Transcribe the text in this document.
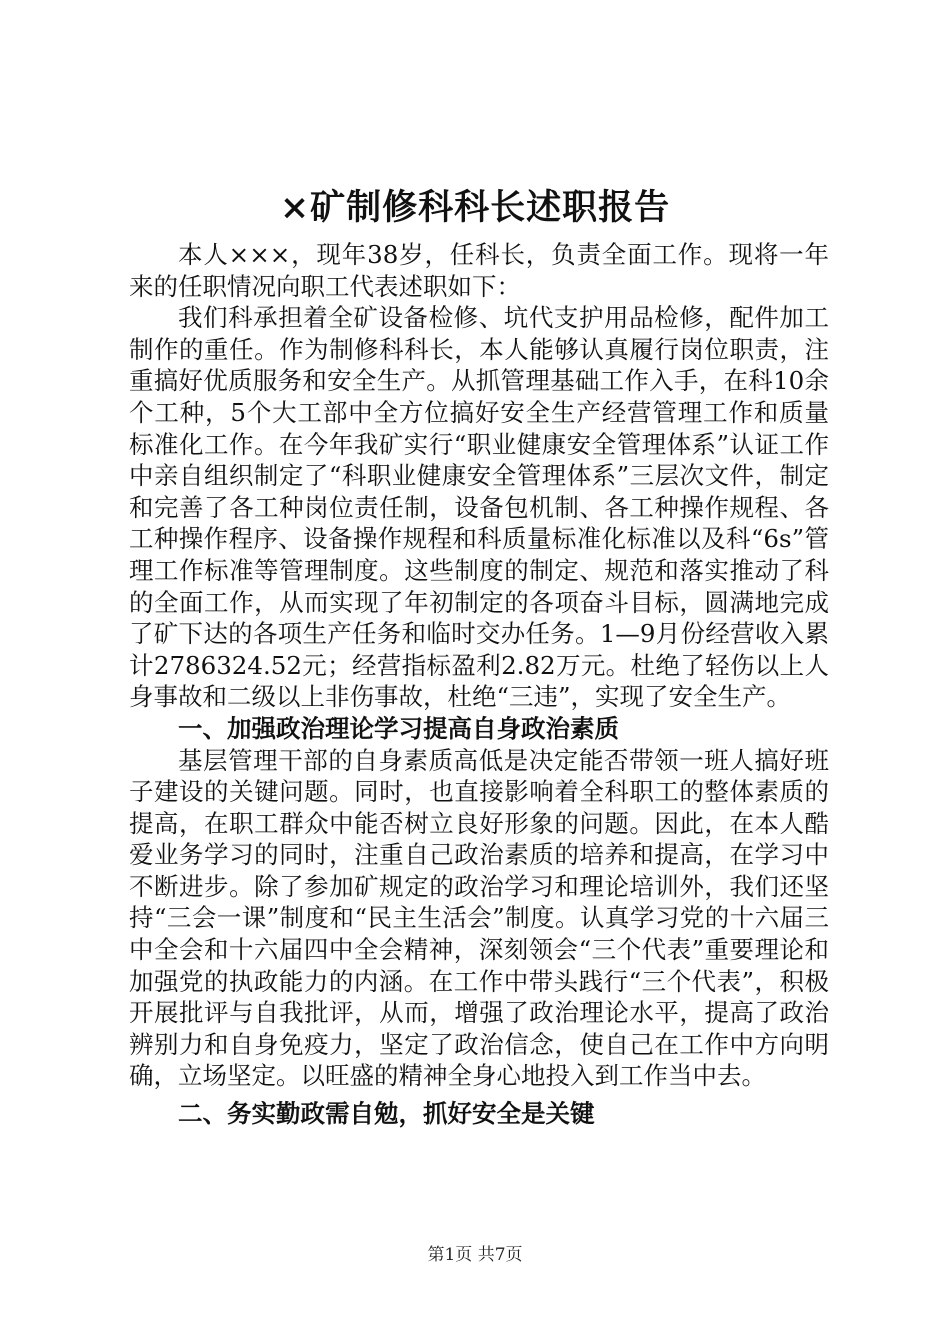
×矿制修科科长述职报告

本人×××，现年38岁，任科长，负责全面工作。现将一年来的任职情况向职工代表述职如下：

我们科承担着全矿设备检修、坑代支护用品检修，配件加工制作的重任。作为制修科科长，本人能够认真履行岗位职责，注重搞好优质服务和安全生产。从抓管理基础工作入手，在科10余个工种，5个大工部中全方位搞好安全生产经营管理工作和质量标准化工作。在今年我矿实行“职业健康安全管理体系”认证工作中亲自组织制定了“科职业健康安全管理体系”三层次文件，制定和完善了各工种岗位责任制，设备包机制、各工种操作规程、各工种操作程序、设备操作规程和科质量标准化标准以及科“6s”管理工作标准等管理制度。这些制度的制定、规范和落实推动了科的全面工作，从而实现了年初制定的各项奋斗目标，圆满地完成了矿下达的各项生产任务和临时交办任务。1—9月份经营收入累计2786324.52元；经营指标盈利2.82万元。杜绝了轻伤以上人身事故和二级以上非伤事故，杜绝“三违”，实现了安全生产。

一、加强政治理论学习提高自身政治素质

基层管理干部的自身素质高低是决定能否带领一班人搞好班子建设的关键问题。同时，也直接影响着全科职工的整体素质的提高，在职工群众中能否树立良好形象的问题。因此，在本人酷爱业务学习的同时，注重自己政治素质的培养和提高，在学习中不断进步。除了参加矿规定的政治学习和理论培训外，我们还坚持“三会一课”制度和“民主生活会”制度。认真学习党的十六届三中全会和十六届四中全会精神，深刻领会“三个代表”重要理论和加强党的执政能力的内涵。在工作中带头践行“三个代表”，积极开展批评与自我批评，从而，增强了政治理论水平，提高了政治辨别力和自身免疫力，坚定了政治信念，使自己在工作中方向明确，立场坚定。以旺盛的精神全身心地投入到工作当中去。

二、务实勤政需自勉，抓好安全是关键

第1页 共7页
